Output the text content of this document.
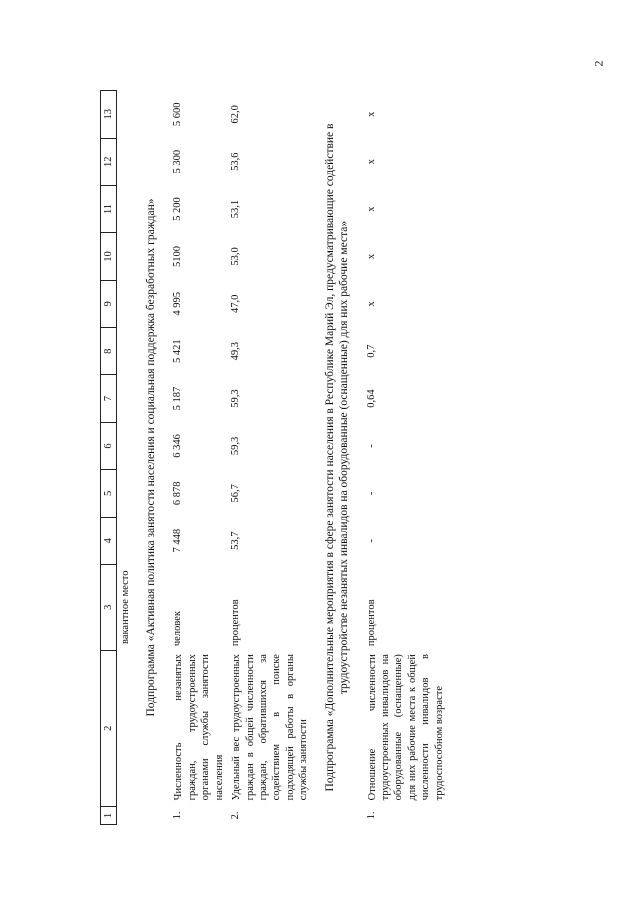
2
1	2	3	4	5	6	7	8	9	10	11	12	13
		вакантное место										
Подпрограмма «Активная политика занятости населения и социальная поддержка безработных граждан»												
1.	Численность незанятых граждан, трудоустроенных органами службы занятости населения	человек	7 448	6 878	6 346	5 187	5 421	4 995	5100	5 200	5 300	5 600
2.	Удельный вес трудоустроенных граждан в общей численности граждан, обратившихся за содействием в поиске подходящей работы в органы службы занятости	процентов	53,7	56,7	59,3	59,3	49,3	47,0	53,0	53,1	53,6	62,0
Подпрограмма «Дополнительные мероприятия в сфере занятости населения в Республике Марий Эл, предусматривающие содействие в трудоустройстве незанятых инвалидов на оборудованные (оснащенные) для них рабочие места»												
1.	Отношение численности трудоустроенных инвалидов на оборудованные (оснащенные) для них рабочие места к общей численности инвалидов в трудоспособном возрасте	процентов	-	-	-	0,64	0,7	x	x	x	x	x
